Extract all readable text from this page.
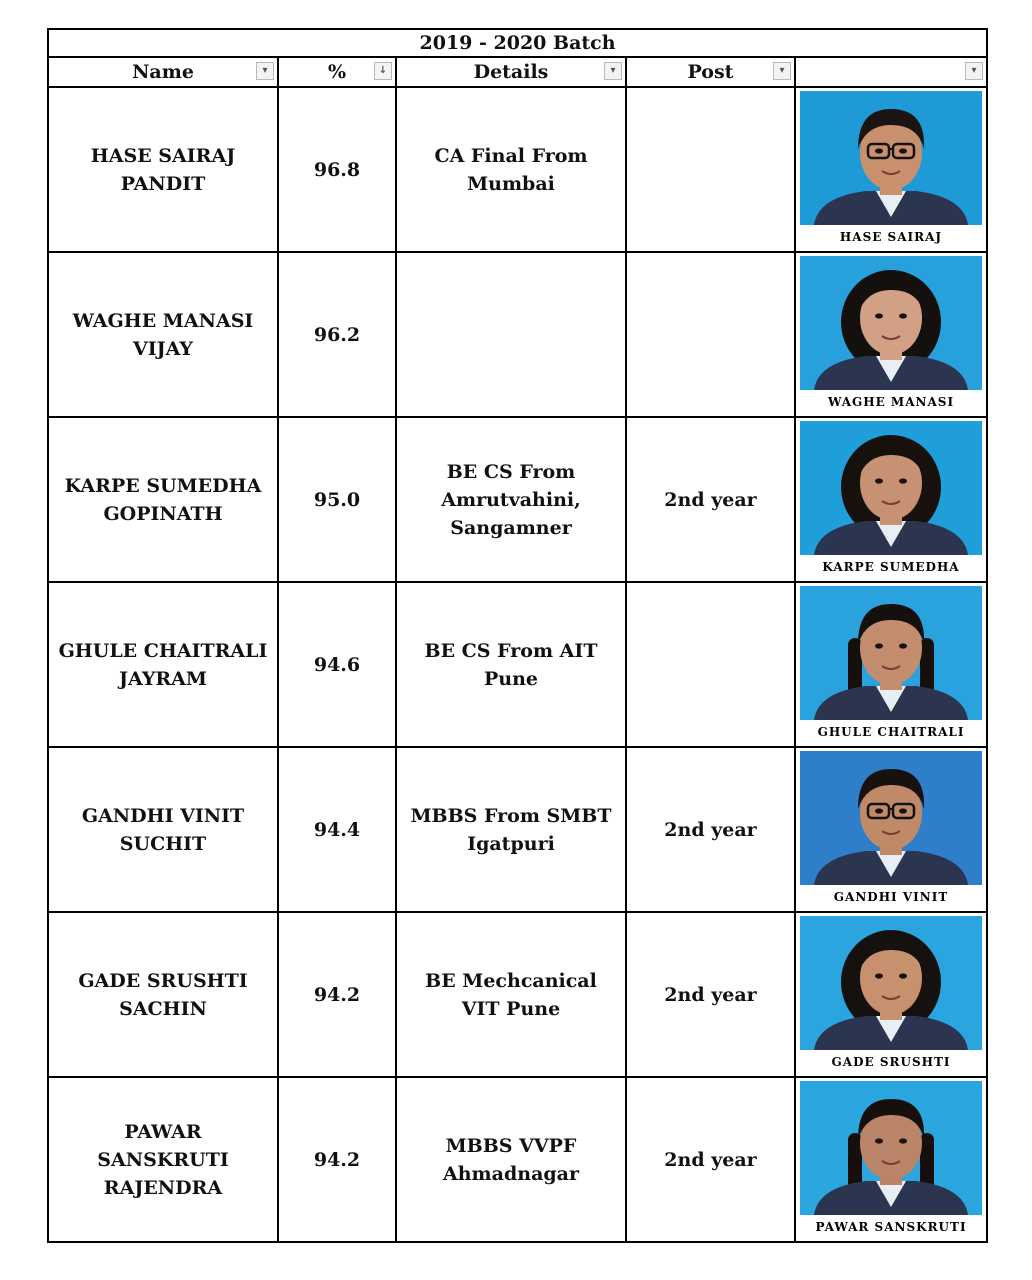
2019 - 2020 Batch				
Name ▾	% ↓	Details ▾	Post ▾	▾

HASE SAIRAJ PANDIT	96.8	CA Final From Mumbai		HASE SAIRAJ

WAGHE MANASI VIJAY	96.2			WAGHE MANASI

KARPE SUMEDHA GOPINATH	95.0	BE CS From Amrutvahini, Sangamner	2nd year	KARPE SUMEDHA

GHULE CHAITRALI JAYRAM	94.6	BE CS From AIT Pune		GHULE CHAITRALI

GANDHI VINIT SUCHIT	94.4	MBBS From SMBT Igatpuri	2nd year	GANDHI VINIT

GADE SRUSHTI SACHIN	94.2	BE Mechcanical VIT Pune	2nd year	GADE SRUSHTI

PAWAR SANSKRUTI RAJENDRA	94.2	MBBS VVPF Ahmadnagar	2nd year	PAWAR SANSKRUTI
